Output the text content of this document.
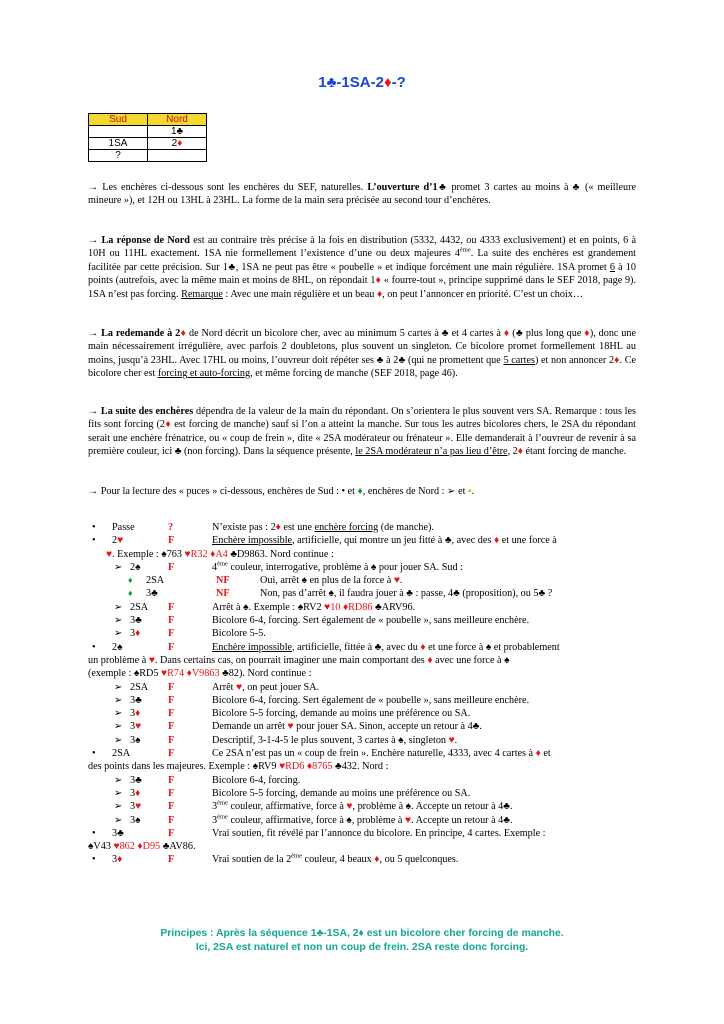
1♣-1SA-2♦-?
Sud	Nord
	1♣
1SA	2♦
?	

→ Les enchères ci-dessous sont les enchères du SEF, naturelles. L’ouverture d’1♣ promet 3 cartes au moins à ♣ (« meilleure mineure »), et 12H ou 13HL à 23HL. La forme de la main sera précisée au second tour d’enchères.

→ La réponse de Nord est au contraire très précise à la fois en distribution (5332, 4432, ou 4333 exclusivement) et en points, 6 à 10H ou 11HL exactement. 1SA nie formellement l’existence d’une ou deux majeures 4ème. La suite des enchères est grandement facilitée par cette précision. Sur 1♣, 1SA ne peut pas être « poubelle » et indique forcément une main régulière. 1SA promet 6 à 10 points (autrefois, avec la même main et moins de 8HL, on répondait 1♦ « fourre-tout », principe supprimé dans le SEF 2018, page 9). 1SA n’est pas forcing. Remarque : Avec une main régulière et un beau ♦, on peut l’annoncer en priorité. C’est un choix…

→ La redemande à 2♦ de Nord décrit un bicolore cher, avec au minimum 5 cartes à ♣ et 4 cartes à ♦ (♣ plus long que ♦), donc une main nécessairement irrégulière, avec parfois 2 doubletons, plus souvent un singleton. Ce bicolore promet formellement 18HL au moins, jusqu’à 23HL. Avec 17HL ou moins, l’ouvreur doit répéter ses ♣ à 2♣ (qui ne promettent que 5 cartes) et non annoncer 2♦. Ce bicolore cher est forcing et auto-forcing, et même forcing de manche (SEF 2018, page 46).

→ La suite des enchères dépendra de la valeur de la main du répondant. On s’orientera le plus souvent vers SA. Remarque : tous les fits sont forcing (2♦ est forcing de manche) sauf si l’on a atteint la manche. Sur tous les autres bicolores chers, le 2SA du répondant serait une enchère frénatrice, ou « coup de frein », dite « 2SA modérateur ou frénateur ». Elle demanderait à l’ouvreur de revenir à sa première couleur, ici ♣ (non forcing). Dans la séquence présente, le 2SA modérateur n’a pas lieu d’être, 2♦ étant forcing de manche.

→ Pour la lecture des « puces » ci-dessous, enchères de Sud : • et ♦, enchères de Nord : ➢ et ▪.

• Passe	?	N’existe pas : 2♦ est une enchère forcing (de manche).
• 2♥	F	Enchère impossible, artificielle, qui montre un jeu fitté à ♣, avec des ♦ et une force à
♥. Exemple : ♠763 ♥R32 ♦A4 ♣D9863. Nord continue :
➢ 2♠	F	4ème couleur, interrogative, problème à ♠ pour jouer SA. Sud :
♦ 2SA	NF	Oui, arrêt ♠ en plus de la force à ♥.
♦ 3♣	NF	Non, pas d’arrêt ♠, il faudra jouer à ♣ : passe, 4♣ (proposition), ou 5♣ ?
➢ 2SA F	Arrêt à ♠. Exemple : ♠RV2 ♥10 ♦RD86 ♣ARV96.
➢ 3♣	F	Bicolore 6-4, forcing. Sert également de « poubelle », sans meilleure enchère.
➢ 3♦	F	Bicolore 5-5.
• 2♠	F	Enchère impossible, artificielle, fittée à ♣, avec du ♦ et une force à ♠ et probablement
un problème à ♥. Dans certains cas, on pourrait imaginer une main comportant des ♦ avec une force à ♠
(exemple : ♠RD5 ♥R74 ♦V9863 ♣82). Nord continue :
➢ 2SA F	Arrêt ♥, on peut jouer SA.
➢ 3♣	F	Bicolore 6-4, forcing. Sert également de « poubelle », sans meilleure enchère.
➢ 3♦	F	Bicolore 5-5 forcing, demande au moins une préférence ou SA.
➢ 3♥	F	Demande un arrêt ♥ pour jouer SA. Sinon, accepte un retour à 4♣.
➢ 3♠	F	Descriptif, 3-1-4-5 le plus souvent, 3 cartes à ♠, singleton ♥.
• 2SA	F	Ce 2SA n’est pas un « coup de frein ». Enchère naturelle, 4333, avec 4 cartes à ♦ et
des points dans les majeures. Exemple : ♠RV9 ♥RD6 ♦8765 ♣432. Nord :
➢ 3♣	F	Bicolore 6-4, forcing.
➢ 3♦	F	Bicolore 5-5 forcing, demande au moins une préférence ou SA.
➢ 3♥	F	3ème couleur, affirmative, force à ♥, problème à ♠. Accepte un retour à 4♣.
➢ 3♠	F	3ème couleur, affirmative, force à ♠, problème à ♥. Accepte un retour à 4♣.
• 3♣	F	Vrai soutien, fit révélé par l’annonce du bicolore. En principe, 4 cartes. Exemple :
♠V43 ♥862 ♦D95 ♣AV86.
• 3♦	F	Vrai soutien de la 2ème couleur, 4 beaux ♦, ou 5 quelconques.
Principes : Après la séquence 1♣-1SA, 2♦ est un bicolore cher forcing de manche.
Ici, 2SA est naturel et non un coup de frein. 2SA reste donc forcing.
